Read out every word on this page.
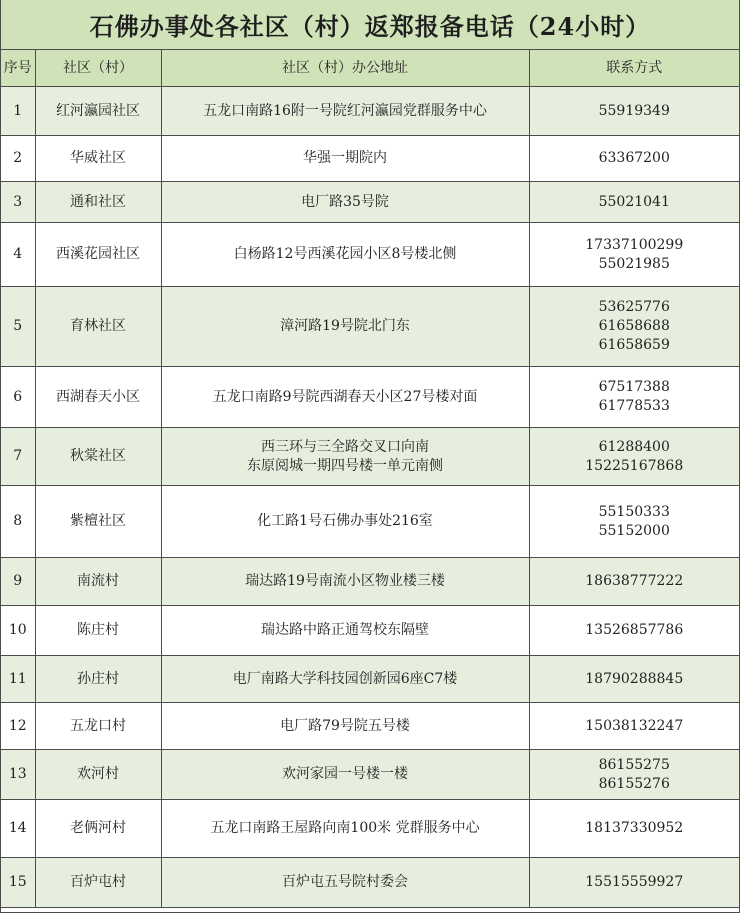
石佛办事处各社区（村）返郑报备电话（24小时）
序号	社区（村）	社区（村）办公地址	联系方式
1	红河瀛园社区	五龙口南路16附一号院红河瀛园党群服务中心	55919349

2	华威社区	华强一期院内	63367200

3	通和社区	电厂路35号院	55021041

4	西溪花园社区	白杨路12号西溪花园小区8号楼北侧	17337100299
55021985

5	育林社区	漳河路19号院北门东	53625776
61658688
61658659

6	西湖春天小区	五龙口南路9号院西湖春天小区27号楼对面	67517388
61778533

7	秋棠社区	西三环与三全路交叉口向南
东原阅城一期四号楼一单元南侧	61288400
15225167868

8	紫檀社区	化工路1号石佛办事处216室	55150333
55152000

9	南流村	瑞达路19号南流小区物业楼三楼	18638777222

10	陈庄村	瑞达路中路正通驾校东隔壁	13526857786

11	孙庄村	电厂南路大学科技园创新园6座C7楼	18790288845

12	五龙口村	电厂路79号院五号楼	15038132247

13	欢河村	欢河家园一号楼一楼	86155275
86155276

14	老俩河村	五龙口南路王屋路向南100米 党群服务中心	18137330952

15	百炉屯村	百炉屯五号院村委会	15515559927
